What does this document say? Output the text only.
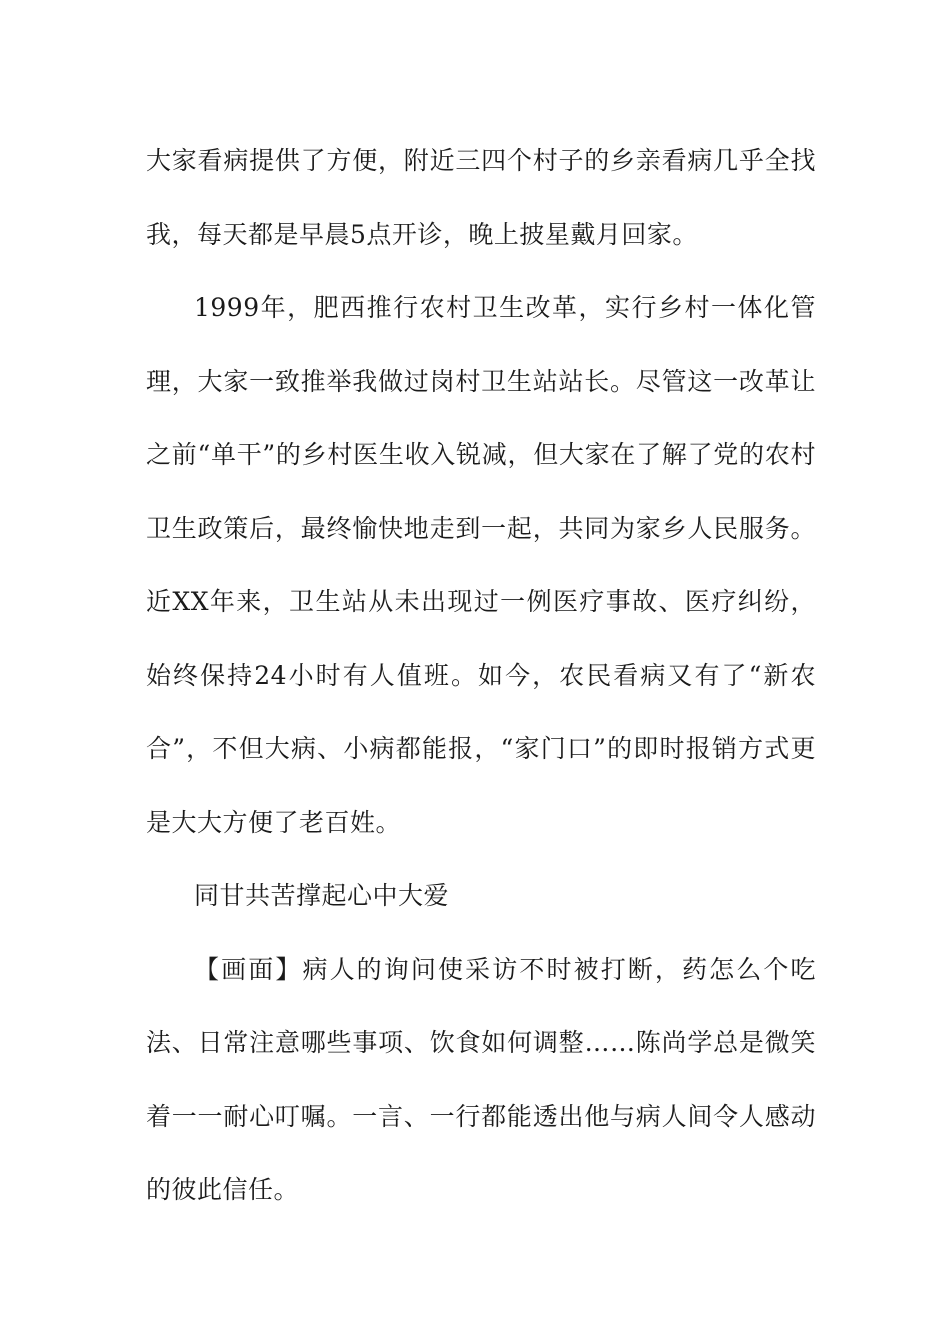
大家看病提供了方便，附近三四个村子的乡亲看病几乎全找我，每天都是早晨5点开诊，晚上披星戴月回家。

1999年，肥西推行农村卫生改革，实行乡村一体化管理，大家一致推举我做过岗村卫生站站长。尽管这一改革让之前“单干”的乡村医生收入锐减，但大家在了解了党的农村卫生政策后，最终愉快地走到一起，共同为家乡人民服务。近XX年来，卫生站从未出现过一例医疗事故、医疗纠纷，始终保持24小时有人值班。如今，农民看病又有了“新农合”，不但大病、小病都能报，“家门口”的即时报销方式更是大大方便了老百姓。

同甘共苦撑起心中大爱

【画面】病人的询问使采访不时被打断，药怎么个吃法、日常注意哪些事项、饮食如何调整……陈尚学总是微笑着一一耐心叮嘱。一言、一行都能透出他与病人间令人感动的彼此信任。
